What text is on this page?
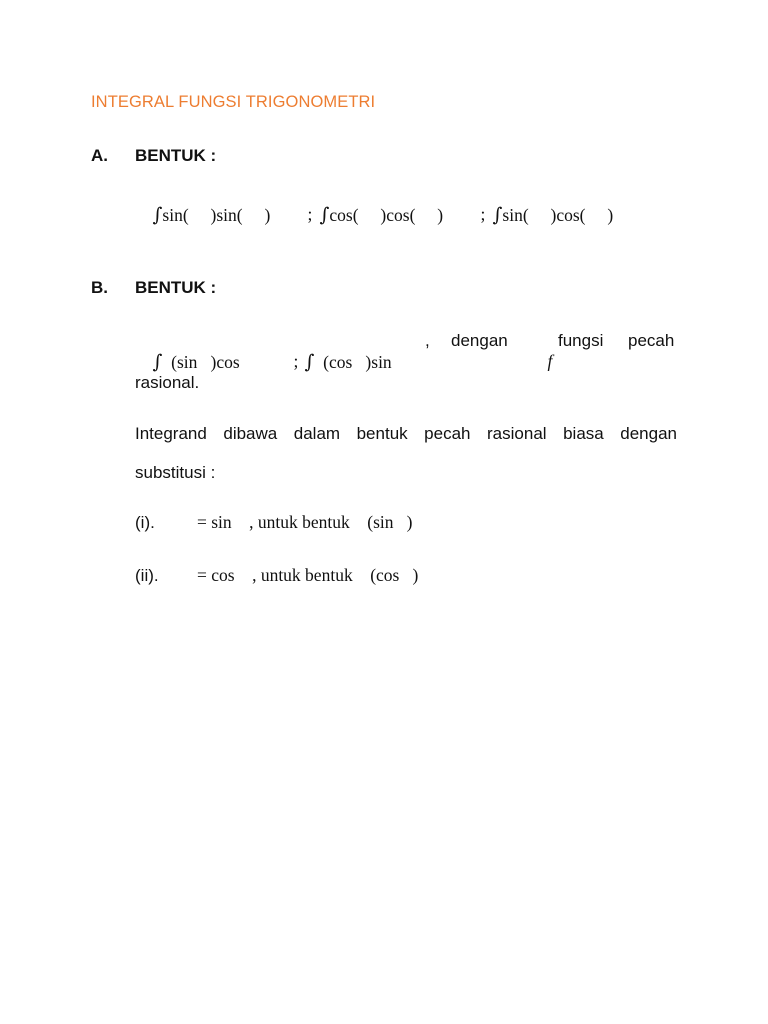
INTEGRAL FUNGSI TRIGONOMETRI
A. BENTUK :

∫sin(     )sin(     )
	;
∫cos(     )cos(     )
	;
∫sin(     )cos(     )

B. BENTUK :

∫ (sin   )cos
	;
∫ (cos   )sin

, dengan

f

fungsi pecah
rasional.
Integrand dibawa dalam bentuk pecah rasional biasa dengan
substitusi :
(i). = sin    , untuk bentuk    (sin   )
(ii). = cos    , untuk bentuk    (cos   )
